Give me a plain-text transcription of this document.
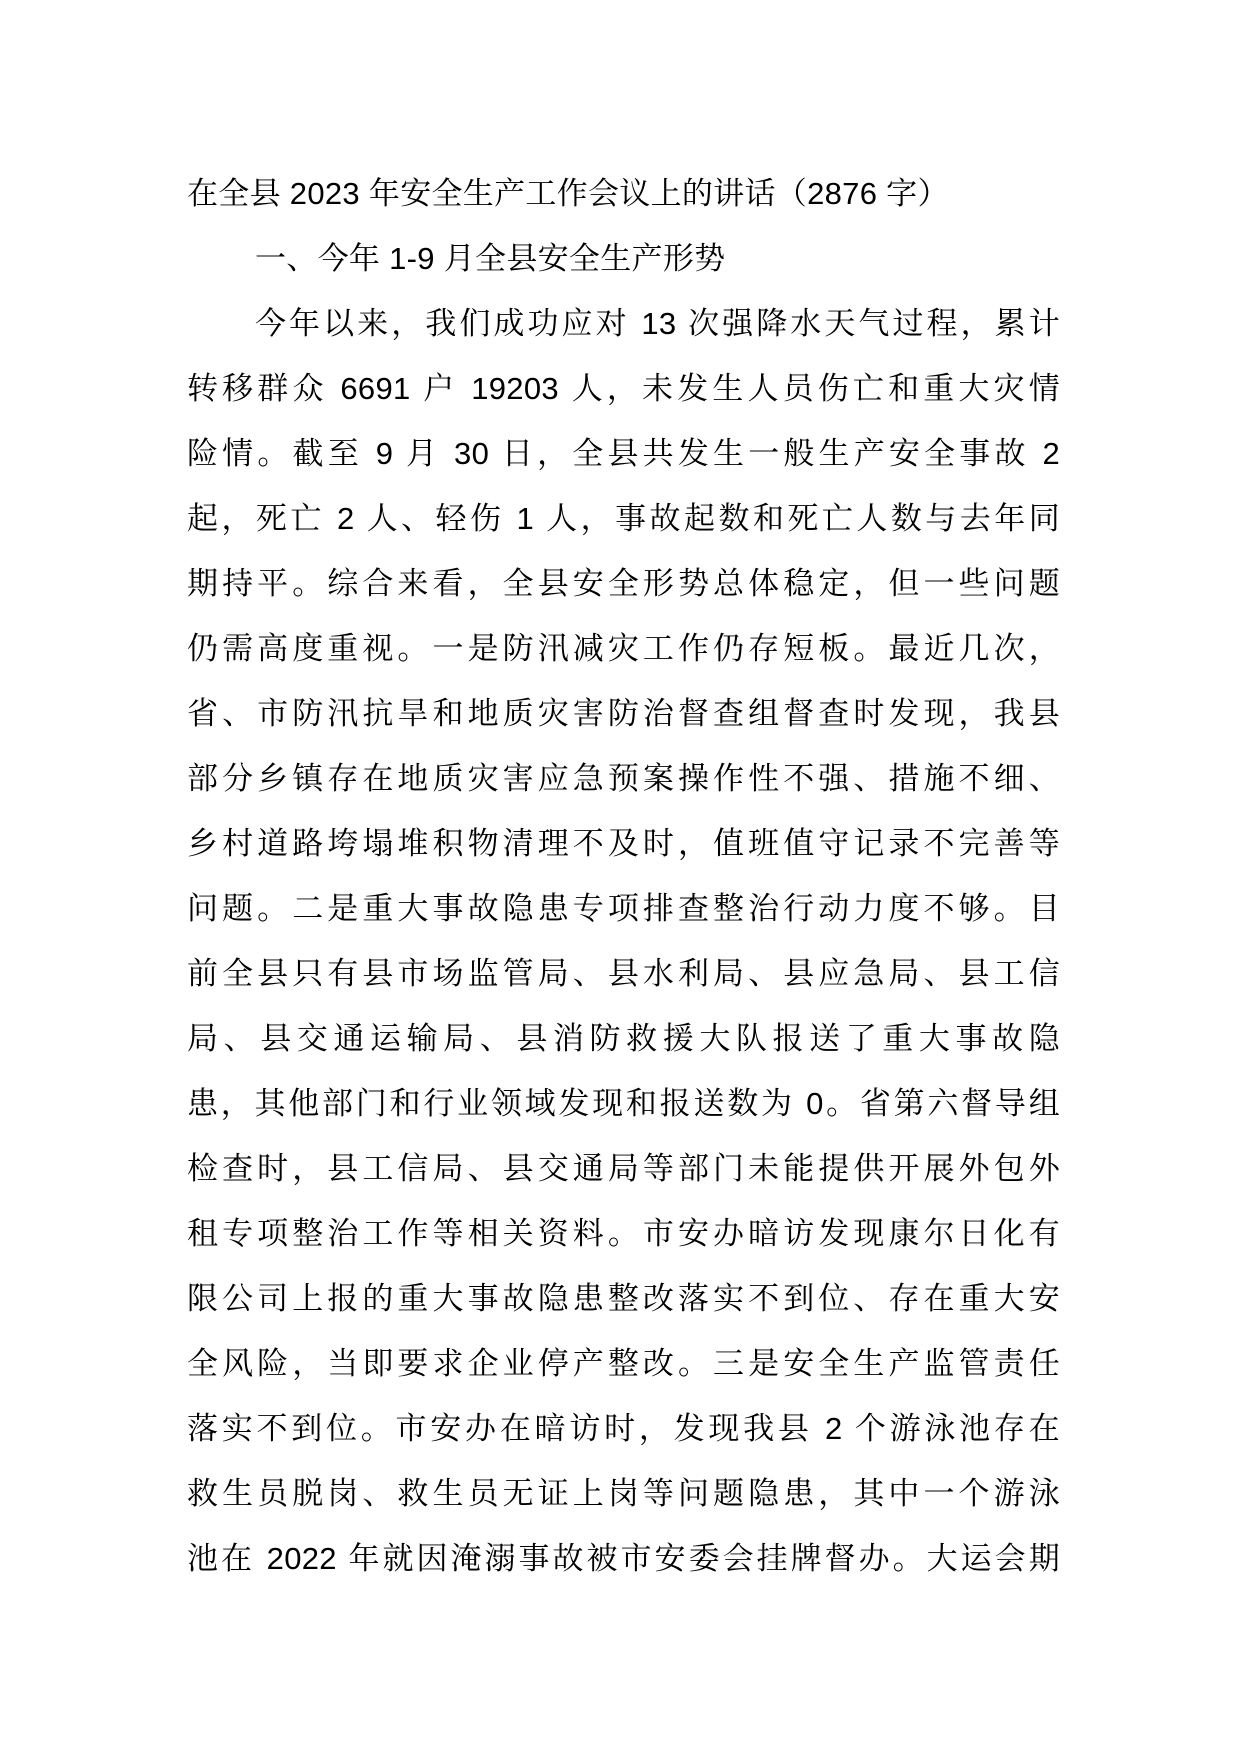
在全县 2023 年安全生产工作会议上的讲话（2876 字）
一、今年 1-9 月全县安全生产形势
今年以来，我们成功应对 13 次强降水天气过程，累计
转移群众 6691 户 19203 人，未发生人员伤亡和重大灾情
险情。截至 9 月 30 日，全县共发生一般生产安全事故 2
起，死亡 2 人、轻伤 1 人，事故起数和死亡人数与去年同
期持平。综合来看，全县安全形势总体稳定，但一些问题
仍需高度重视。一是防汛减灾工作仍存短板。最近几次，
省、市防汛抗旱和地质灾害防治督查组督查时发现，我县
部分乡镇存在地质灾害应急预案操作性不强、措施不细、
乡村道路垮塌堆积物清理不及时，值班值守记录不完善等
问题。二是重大事故隐患专项排查整治行动力度不够。目
前全县只有县市场监管局、县水利局、县应急局、县工信
局、县交通运输局、县消防救援大队报送了重大事故隐
患，其他部门和行业领域发现和报送数为 0。省第六督导组
检查时，县工信局、县交通局等部门未能提供开展外包外
租专项整治工作等相关资料。市安办暗访发现康尔日化有
限公司上报的重大事故隐患整改落实不到位、存在重大安
全风险，当即要求企业停产整改。三是安全生产监管责任
落实不到位。市安办在暗访时，发现我县 2 个游泳池存在
救生员脱岗、救生员无证上岗等问题隐患，其中一个游泳
池在 2022 年就因淹溺事故被市安委会挂牌督办。大运会期
